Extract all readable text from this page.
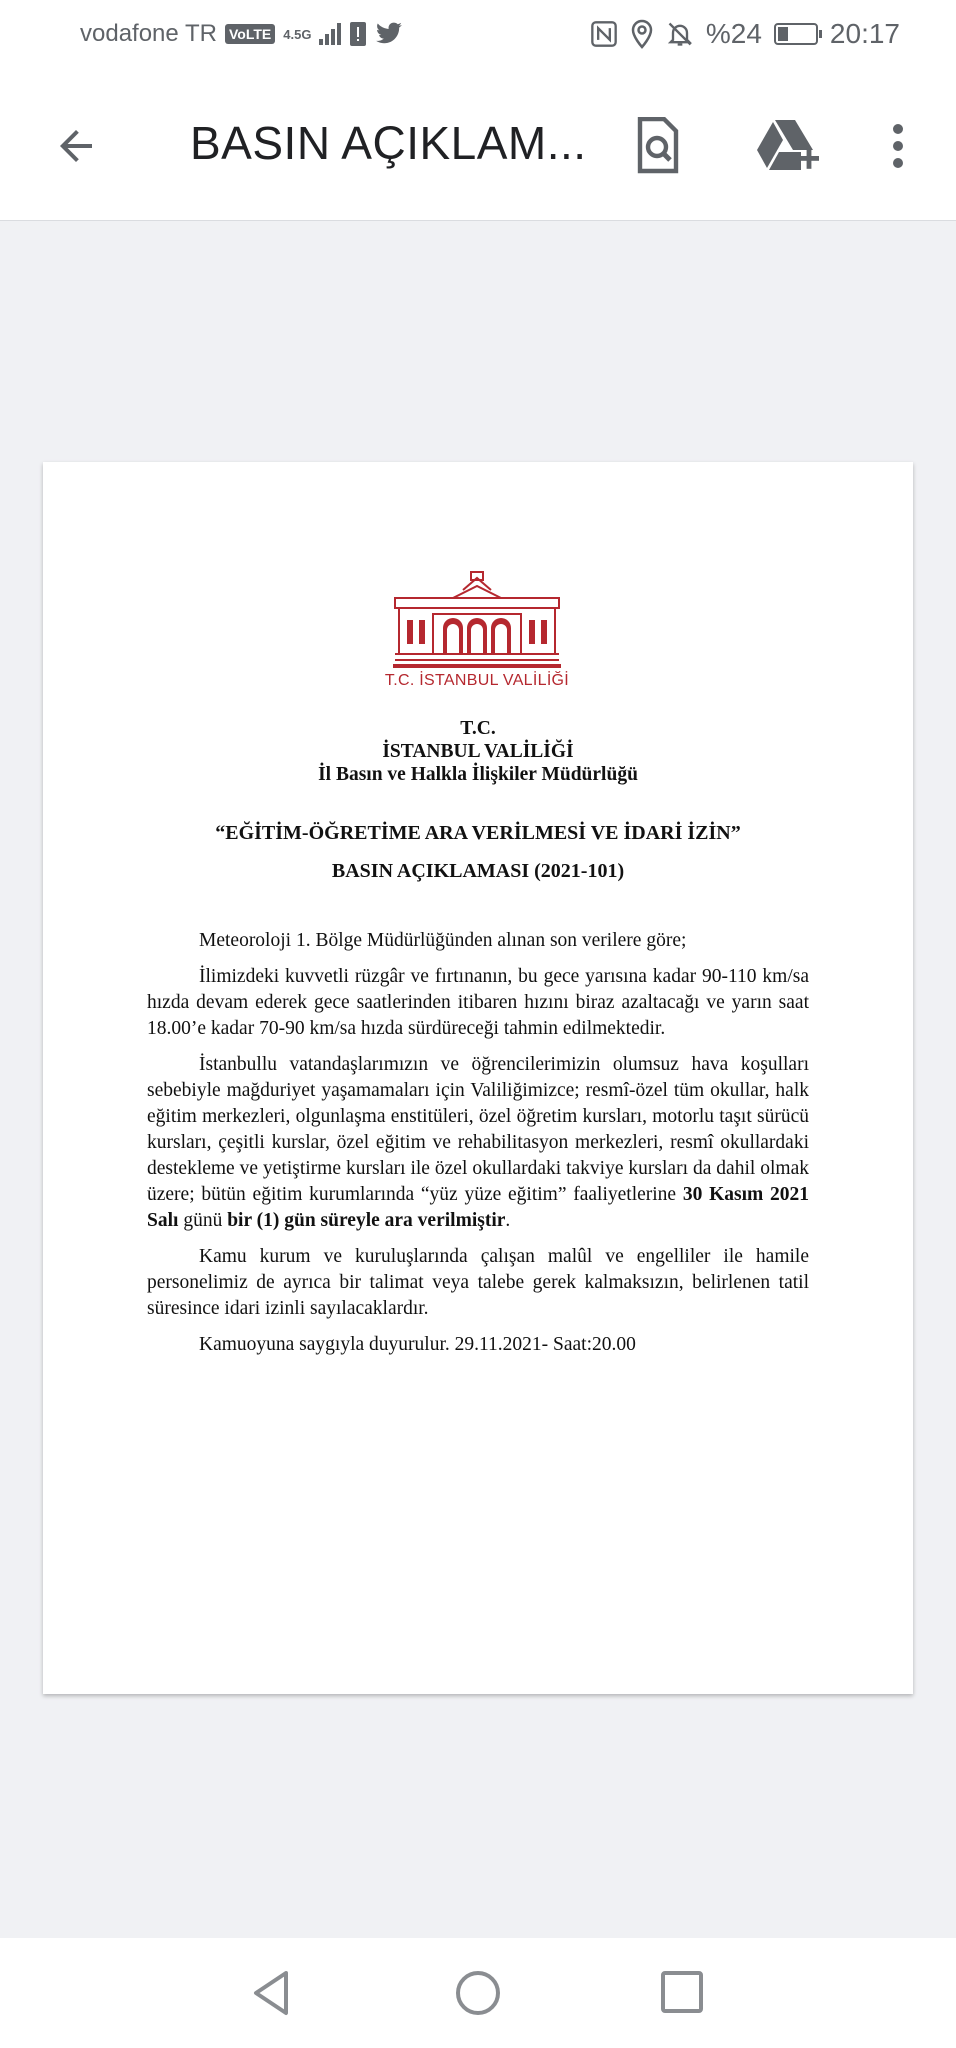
vodafone TR VoLTE 4.5G	%24 20:17
BASIN AÇIKLAM...
T.C. İSTANBUL VALİLİĞİ
T.C.
İSTANBUL VALİLİĞİ
İl Basın ve Halkla İlişkiler Müdürlüğü
“EĞİTİM-ÖĞRETİME ARA VERİLMESİ VE İDARİ İZİN”
BASIN AÇIKLAMASI (2021-101)

Meteoroloji 1. Bölge Müdürlüğünden alınan son verilere göre;

İlimizdeki kuvvetli rüzgâr ve fırtınanın, bu gece yarısına kadar 90-110 km/sa hızda devam ederek gece saatlerinden itibaren hızını biraz azaltacağı ve yarın saat 18.00’e kadar 70-90 km/sa hızda sürdüreceği tahmin edilmektedir.

İstanbullu vatandaşlarımızın ve öğrencilerimizin olumsuz hava koşulları sebebiyle mağduriyet yaşamamaları için Valiliğimizce; resmî-özel tüm okullar, halk eğitim merkezleri, olgunlaşma enstitüleri, özel öğretim kursları, motorlu taşıt sürücü kursları, çeşitli kurslar, özel eğitim ve rehabilitasyon merkezleri, resmî okullardaki destekleme ve yetiştirme kursları ile özel okullardaki takviye kursları da dahil olmak üzere; bütün eğitim kurumlarında “yüz yüze eğitim” faaliyetlerine 30 Kasım 2021 Salı günü bir (1) gün süreyle ara verilmiştir.

Kamu kurum ve kuruluşlarında çalışan malûl ve engelliler ile hamile personelimiz de ayrıca bir talimat veya talebe gerek kalmaksızın, belirlenen tatil süresince idari izinli sayılacaklardır.

Kamuoyuna saygıyla duyurulur. 29.11.2021- Saat:20.00
